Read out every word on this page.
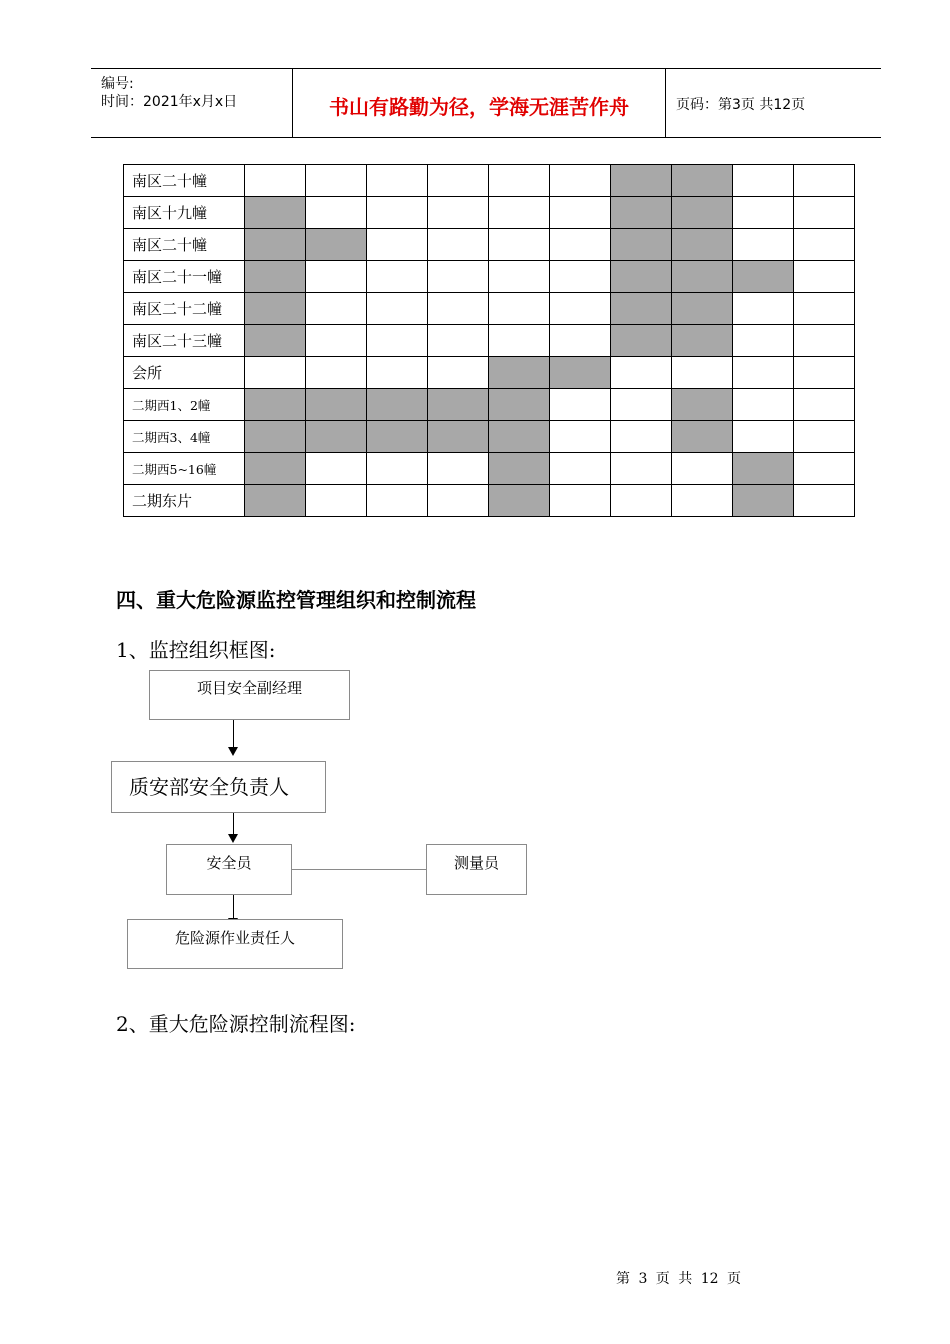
编号:
时间：2021年x月x日	书山有路勤为径，学海无涯苦作舟	页码：第3页 共12页
南区二十幢										
南区十九幢										
南区二十幢										
南区二十一幢										
南区二十二幢										
南区二十三幢										
会所										
二期西1、2幢										
二期西3、4幢										
二期西5~16幢										
二期东片										
四、重大危险源监控管理组织和控制流程
1、监控组织框图:
项目安全副经理
质安部安全负责人
安全员	测量员
危险源作业责任人
2、重大危险源控制流程图:
第 3 页 共 12 页
